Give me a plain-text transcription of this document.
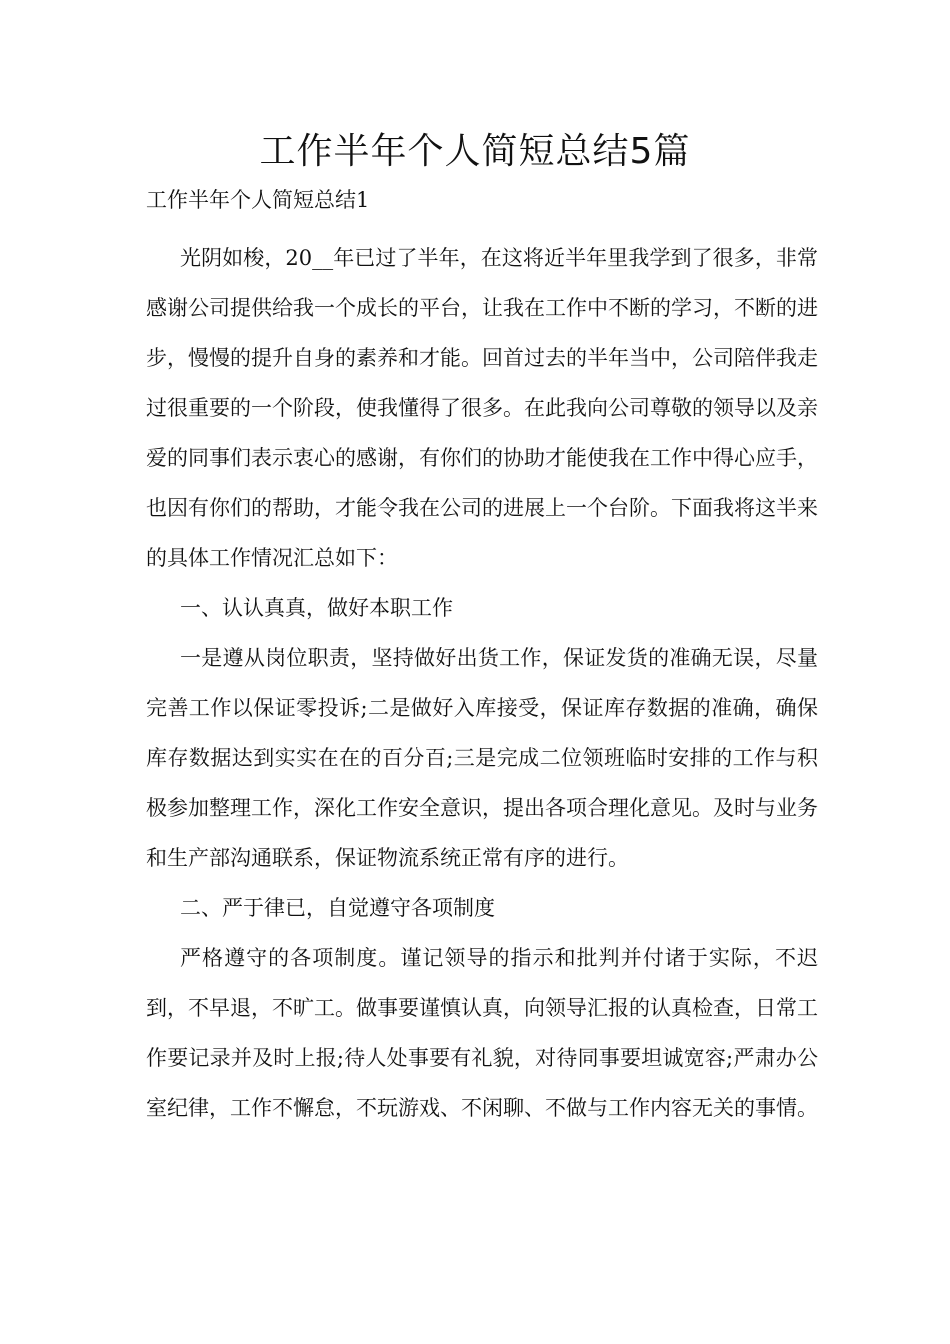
工作半年个人简短总结5篇
工作半年个人简短总结1

光阴如梭，20__年已过了半年，在这将近半年里我学到了很多，非常感谢公司提供给我一个成长的平台，让我在工作中不断的学习，不断的进步，慢慢的提升自身的素养和才能。回首过去的半年当中，公司陪伴我走过很重要的一个阶段，使我懂得了很多。在此我向公司尊敬的领导以及亲爱的同事们表示衷心的感谢，有你们的协助才能使我在工作中得心应手，也因有你们的帮助，才能令我在公司的进展上一个台阶。下面我将这半来的具体工作情况汇总如下：

一、认认真真，做好本职工作

一是遵从岗位职责，坚持做好出货工作，保证发货的准确无误，尽量完善工作以保证零投诉;二是做好入库接受，保证库存数据的准确，确保库存数据达到实实在在的百分百;三是完成二位领班临时安排的工作与积极参加整理工作，深化工作安全意识，提出各项合理化意见。及时与业务和生产部沟通联系，保证物流系统正常有序的进行。

二、严于律已，自觉遵守各项制度

严格遵守的各项制度。谨记领导的指示和批判并付诸于实际，不迟到，不早退，不旷工。做事要谨慎认真，向领导汇报的认真检查，日常工作要记录并及时上报;待人处事要有礼貌，对待同事要坦诚宽容;严肃办公室纪律，工作不懈怠，不玩游戏、不闲聊、不做与工作内容无关的事情。
